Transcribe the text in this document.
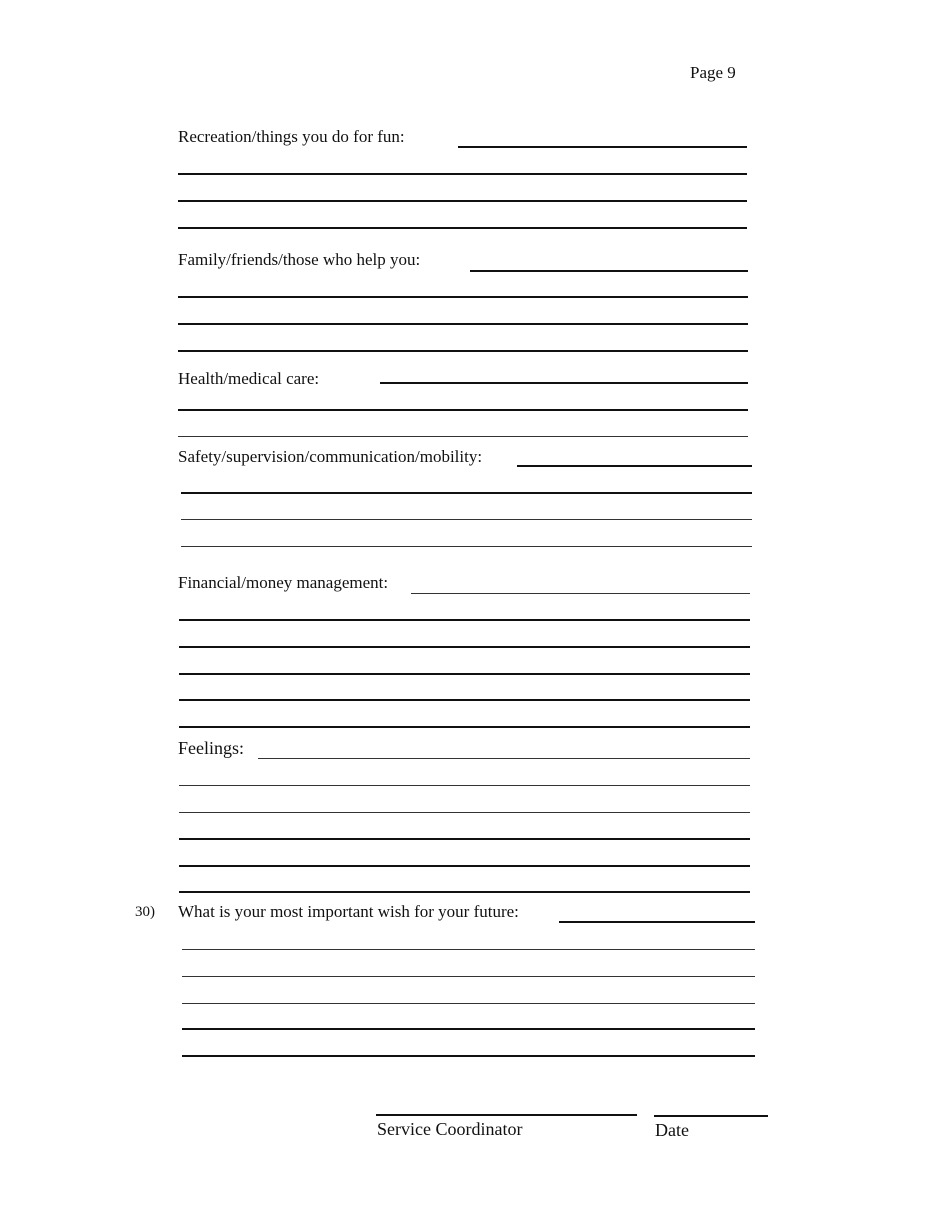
Page 9
Recreation/things you do for fun:
Family/friends/those who help you:
Health/medical care:
Safety/supervision/communication/mobility:
Financial/money management:
Feelings:
30) What is your most important wish for your future:
Service Coordinator	Date
